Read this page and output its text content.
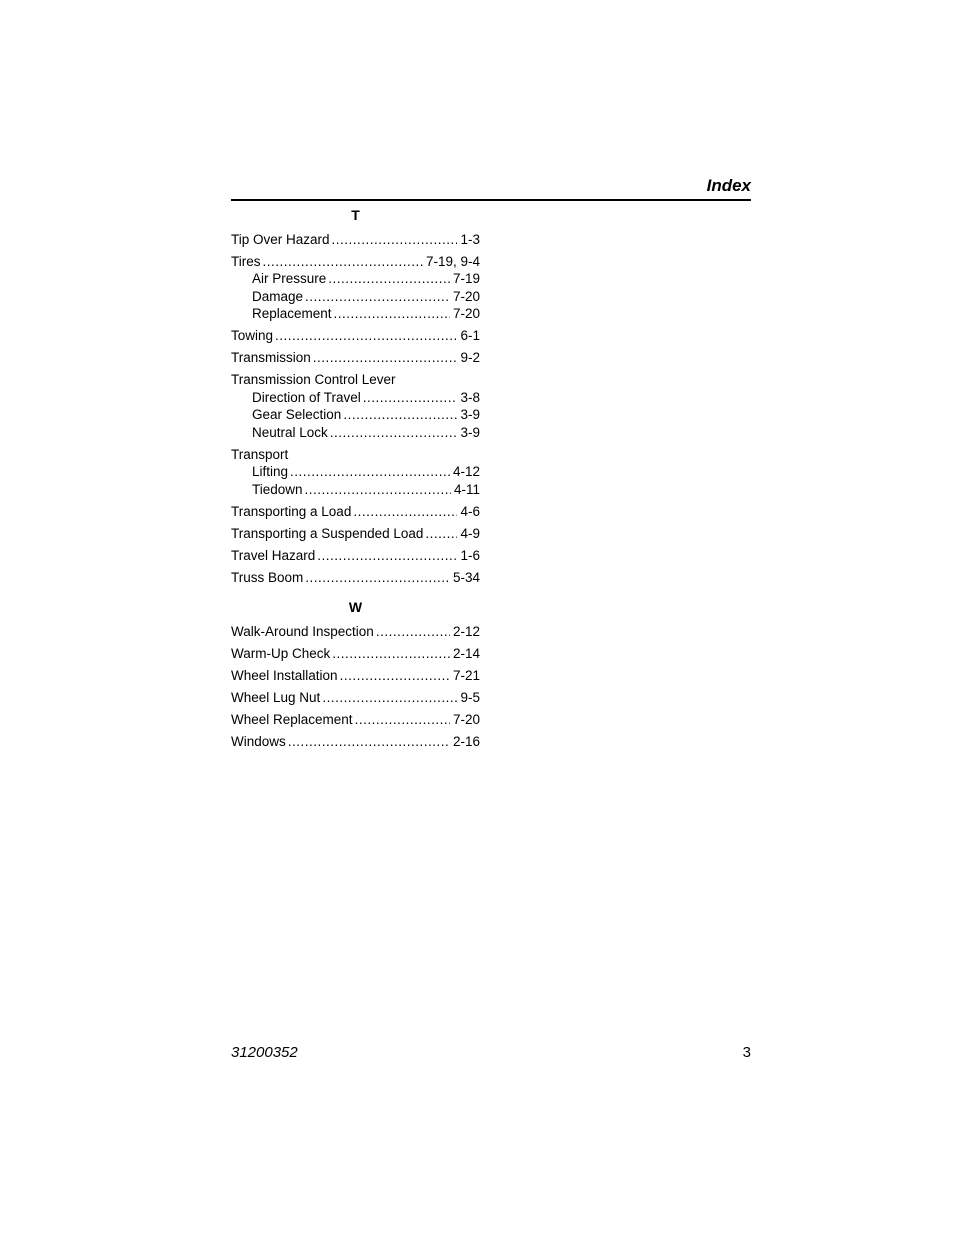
Index
T
Tip Over Hazard .....	1-3
Tires .....	7-19, 9-4
Air Pressure .....	7-19
Damage .....	7-20
Replacement .....	7-20
Towing .....	6-1
Transmission .....	9-2
Transmission Control Lever
Direction of Travel .....	3-8
Gear Selection .....	3-9
Neutral Lock .....	3-9
Transport
Lifting .....	4-12
Tiedown .....	4-11
Transporting a Load .....	4-6
Transporting a Suspended Load .....	4-9
Travel Hazard .....	1-6
Truss Boom .....	5-34
W
Walk-Around Inspection .....	2-12
Warm-Up Check .....	2-14
Wheel Installation .....	7-21
Wheel Lug Nut .....	9-5
Wheel Replacement .....	7-20
Windows .....	2-16
31200352	3
